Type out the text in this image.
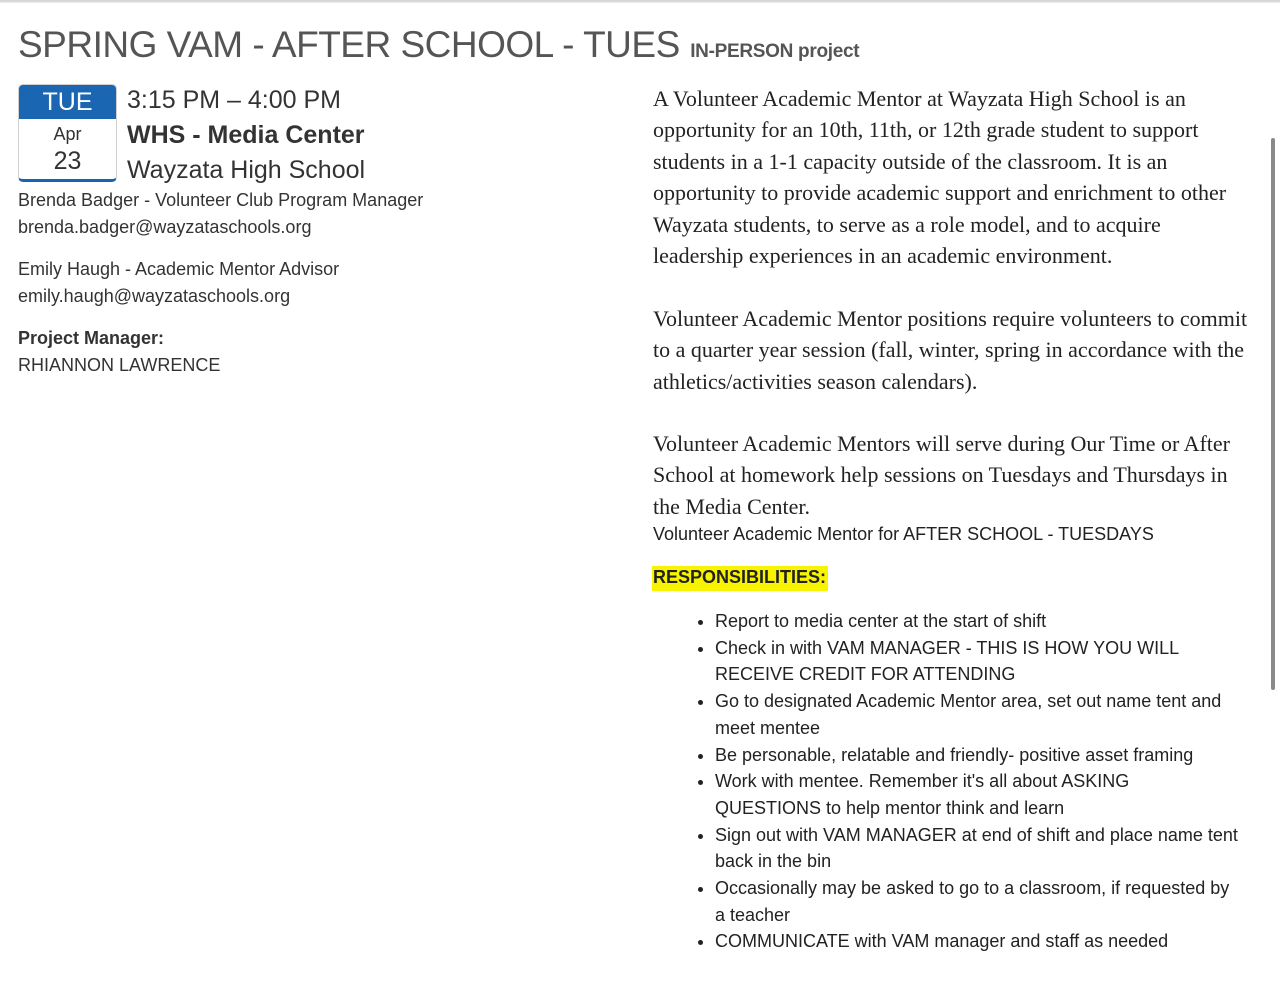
SPRING VAM - AFTER SCHOOL - TUES IN-PERSON project
TUE
Apr
23
3:15 PM – 4:00 PM
WHS - Media Center
Wayzata High School
Brenda Badger - Volunteer Club Program Manager
brenda.badger@wayzataschools.org
Emily Haugh - Academic Mentor Advisor
emily.haugh@wayzataschools.org
Project Manager:
RHIANNON LAWRENCE
A Volunteer Academic Mentor at Wayzata High School is an opportunity for an 10th, 11th, or 12th grade student to support students in a 1-1 capacity outside of the classroom. It is an opportunity to provide academic support and enrichment to other Wayzata students, to serve as a role model, and to acquire leadership experiences in an academic environment.
Volunteer Academic Mentor positions require volunteers to commit to a quarter year session (fall, winter, spring in accordance with the athletics/activities season calendars).
Volunteer Academic Mentors will serve during Our Time or After School at homework help sessions on Tuesdays and Thursdays in the Media Center.
Volunteer Academic Mentor for AFTER SCHOOL - TUESDAYS
RESPONSIBILITIES:
• Report to media center at the start of shift
• Check in with VAM MANAGER - THIS IS HOW YOU WILL RECEIVE CREDIT FOR ATTENDING
• Go to designated Academic Mentor area, set out name tent and meet mentee
• Be personable, relatable and friendly- positive asset framing
• Work with mentee. Remember it's all about ASKING QUESTIONS to help mentor think and learn
• Sign out with VAM MANAGER at end of shift and place name tent back in the bin
• Occasionally may be asked to go to a classroom, if requested by a teacher
• COMMUNICATE with VAM manager and staff as needed
